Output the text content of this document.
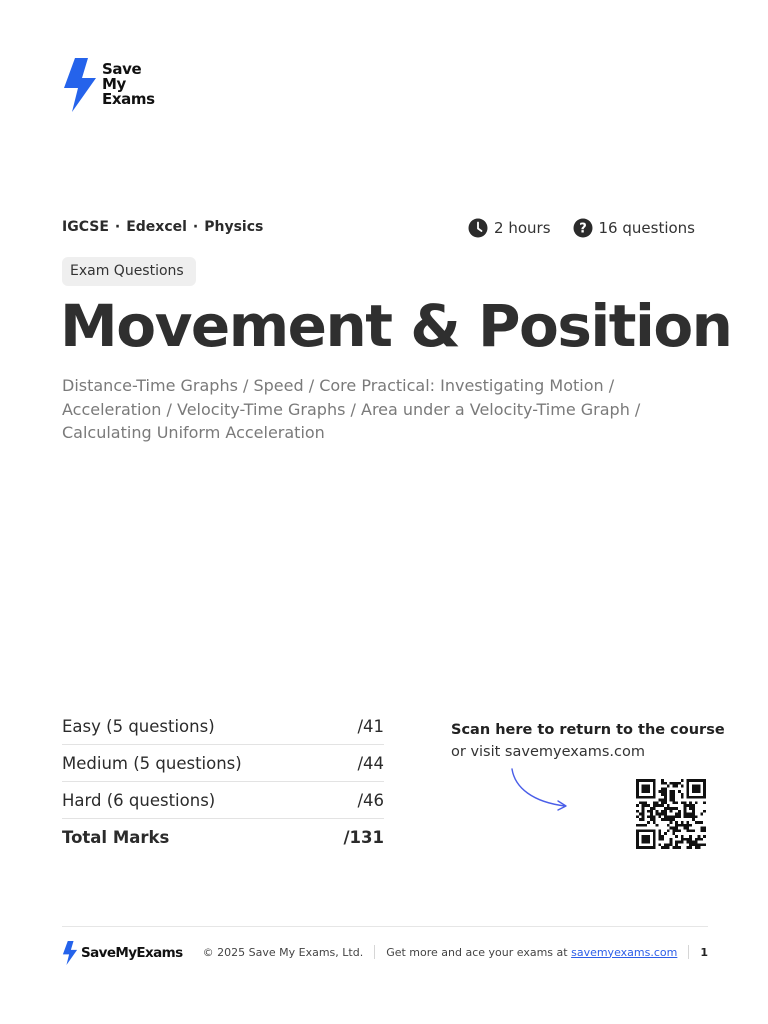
Save
My
Exams
IGCSE · Edexcel · Physics	2 hours ? 16 questions
Exam Questions
Movement & Position
Distance-Time Graphs / Speed / Core Practical: Investigating Motion / Acceleration / Velocity-Time Graphs / Area under a Velocity-Time Graph / Calculating Uniform Acceleration
Easy (5 questions)	/41
Medium (5 questions)	/44
Hard (6 questions)	/46
Total Marks	/131
Scan here to return to the course
or visit savemyexams.com
SaveMyExams © 2025 Save My Exams, Ltd. Get more and ace your exams at savemyexams.com 1
